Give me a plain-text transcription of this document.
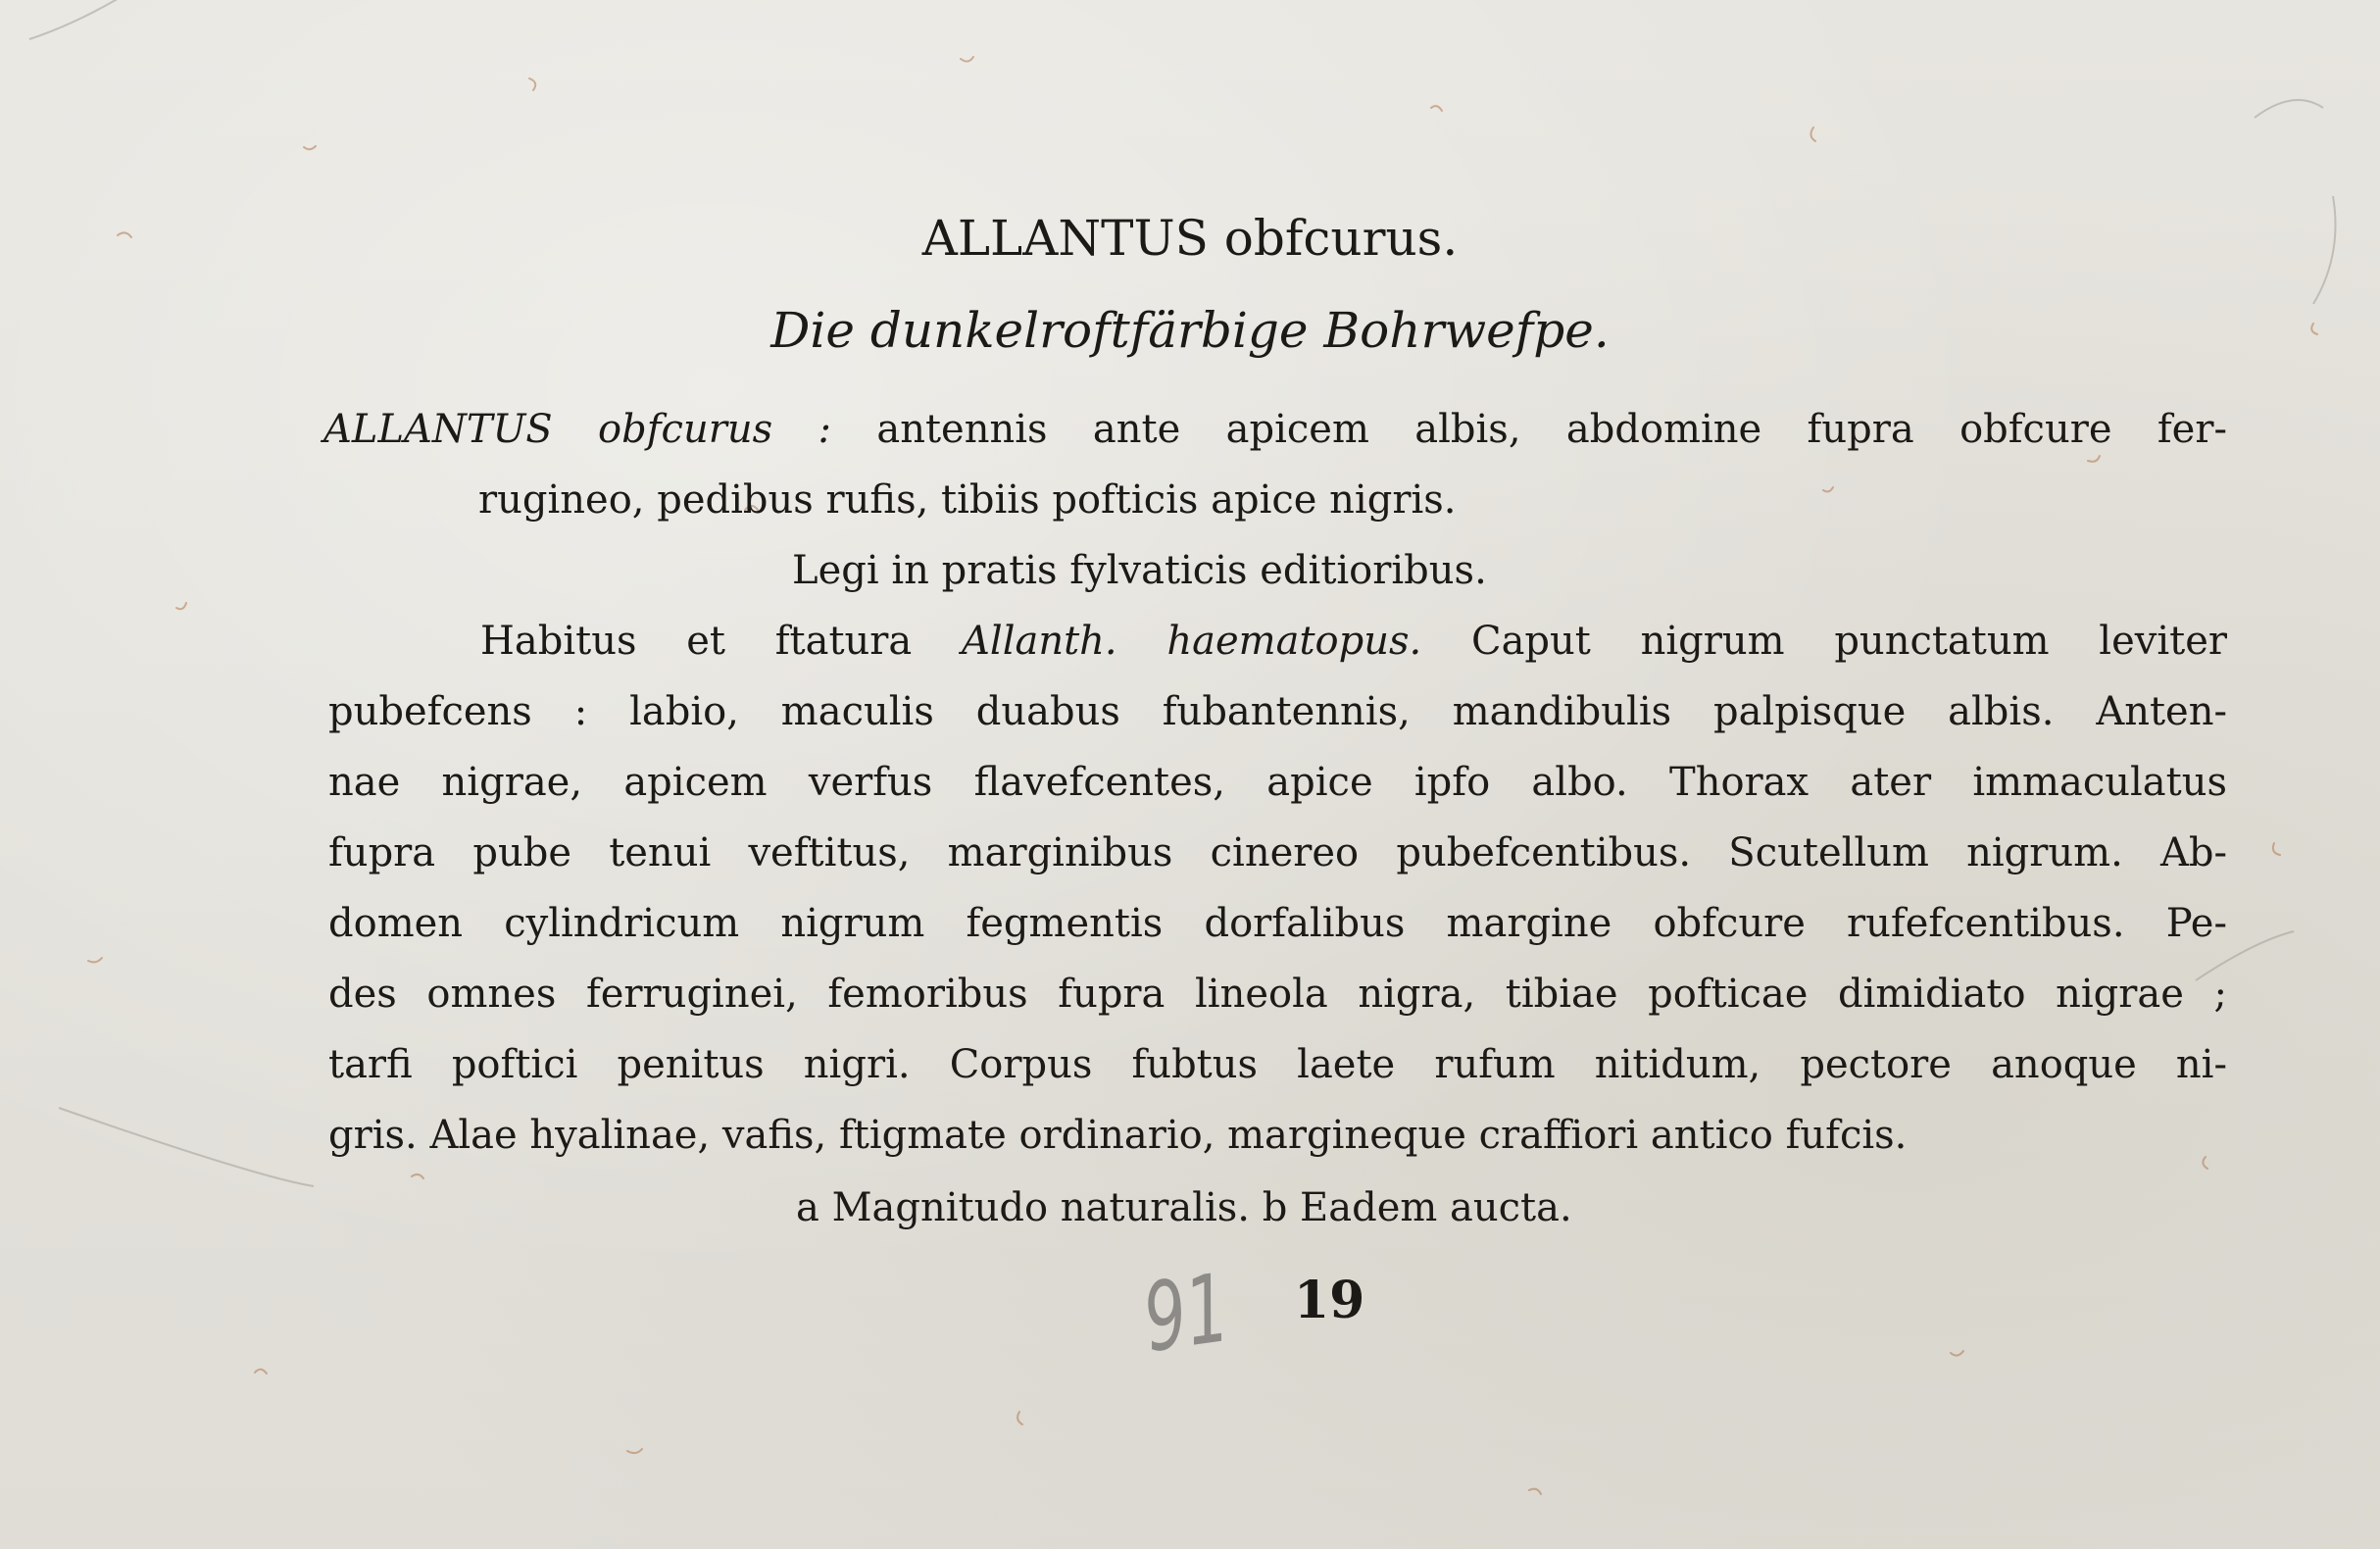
ALLANTUS obfcurus.

Die dunkelroftfärbige Bohrwefpe.

ALLANTUS obfcurus : antennis ante apicem albis, abdomine fupra obfcure fer-

rugineo, pedibus rufis, tibiis pofticis apice nigris.

Legi in pratis fylvaticis editioribus.

Habitus et ftatura Allanth. haematopus. Caput nigrum punctatum leviter

pubefcens : labio, maculis duabus fubantennis, mandibulis palpisque albis. Anten-

nae nigrae, apicem verfus flavefcentes, apice ipfo albo. Thorax ater immaculatus

fupra pube tenui veftitus, marginibus cinereo pubefcentibus. Scutellum nigrum. Ab-

domen cylindricum nigrum fegmentis dorfalibus margine obfcure rufefcentibus. Pe-

des omnes ferruginei, femoribus fupra lineola nigra, tibiae pofticae dimidiato nigrae ;

tarfi poftici penitus nigri. Corpus fubtus laete rufum nitidum, pectore anoque ni-

gris. Alae hyalinae, vafis, ftigmate ordinario, margineque craffiori antico fufcis.

a Magnitudo naturalis. b Eadem aucta.

91 19
